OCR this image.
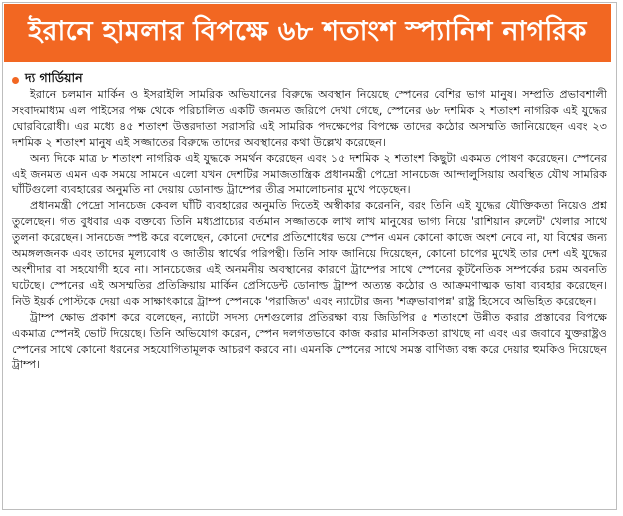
ইরানে হামলার বিপক্ষে ৬৮ শতাংশ স্প্যানিশ নাগরিক
দ্য গার্ডিয়ান

ইরানে চলমান মার্কিন ও ইসরাইলি সামরিক অভিযানের বিরুদ্ধে অবস্থান নিয়েছে স্পেনের বেশির ভাগ মানুষ। সম্প্রতি প্রভাবশালী সংবাদমাধ্যম এল পাইসের পক্ষ থেকে পরিচালিত একটি জনমত জরিপে দেখা গেছে, স্পেনের ৬৮ দশমিক ২ শতাংশ নাগরিক এই যুদ্ধের ঘোরবিরোধী। এর মধ্যে ৪৫ শতাংশ উত্তরদাতা সরাসরি এই সামরিক পদক্ষেপের বিপক্ষে তাদের কঠোর অসম্মতি জানিয়েছেন এবং ২৩ দশমিক ২ শতাংশ মানুষ এই সজ্জাতের বিরুদ্ধে তাদের অবস্থানের কথা উল্লেখ করেছেন।

অন্য দিকে মাত্র ৮ শতাংশ নাগরিক এই যুদ্ধকে সমর্থন করেছেন এবং ১৫ দশমিক ২ শতাংশ কিছুটা একমত পোষণ করেছেন। স্পেনের এই জনমত এমন এক সময়ে সামনে এলো যখন দেশটির সমাজতান্ত্রিক প্রধানমন্ত্রী পেদ্রো সানচেজ আন্দালুসিয়ায় অবস্থিত যৌথ সামরিক ঘাঁটিগুলো ব্যবহারের অনুমতি না দেয়ায় ডোনাল্ড ট্রাম্পের তীব্র সমালোচনার মুখে পড়েছেন।

প্রধানমন্ত্রী পেদ্রো সানচেজ কেবল ঘাঁটি ব্যবহারের অনুমতি দিতেই অস্বীকার করেননি, বরং তিনি এই যুদ্ধের যৌক্তিকতা নিয়েও প্রশ্ন তুলেছেন। গত বুধবার এক বক্তব্যে তিনি মধ্যপ্রাচ্যের বর্তমান সজ্জাতকে লাখ লাখ মানুষের ভাগ্য নিয়ে 'রাশিয়ান রুলেট' খেলার সাথে তুলনা করেছেন। সানচেজ স্পষ্ট করে বলেছেন, কোনো দেশের প্রতিশোধের ভয়ে স্পেন এমন কোনো কাজে অংশ নেবে না, যা বিশ্বের জন্য অমঙ্গলজনক এবং তাদের মূল্যবোধ ও জাতীয় স্বার্থের পরিপন্থী। তিনি সাফ জানিয়ে দিয়েছেন, কোনো চাপের মুখেই তার দেশ এই যুদ্ধের অংশীদার বা সহযোগী হবে না। সানচেজের এই অনমনীয় অবস্থানের কারণে ট্রাম্পের সাথে স্পেনের কূটনৈতিক সম্পর্কের চরম অবনতি ঘটেছে। স্পেনের এই অসম্মতির প্রতিক্রিয়ায় মার্কিন প্রেসিডেন্ট ডোনাল্ড ট্রাম্প অত্যন্ত কঠোর ও আক্রমণাত্মক ভাষা ব্যবহার করেছেন। নিউ ইয়র্ক পোস্টকে দেয়া এক সাক্ষাৎকারে ট্রাম্প স্পেনকে 'পরাজিত' এবং ন্যাটোর জন্য 'শত্রুভাবাপন্ন' রাষ্ট্র হিসেবে অভিহিত করেছেন।

ট্রাম্প ক্ষোভ প্রকাশ করে বলেছেন, ন্যাটো সদস্য দেশগুলোর প্রতিরক্ষা ব্যয় জিডিপির ৫ শতাংশে উন্নীত করার প্রস্তাবের বিপক্ষে একমাত্র স্পেনই ভোট দিয়েছে। তিনি অভিযোগ করেন, স্পেন দলগতভাবে কাজ করার মানসিকতা রাখছে না এবং এর জবাবে যুক্তরাষ্ট্রও স্পেনের সাথে কোনো ধরনের সহযোগিতামূলক আচরণ করবে না। এমনকি স্পেনের সাথে সমস্ত বাণিজ্য বন্ধ করে দেয়ার হুমকিও দিয়েছেন ট্রাম্প।
